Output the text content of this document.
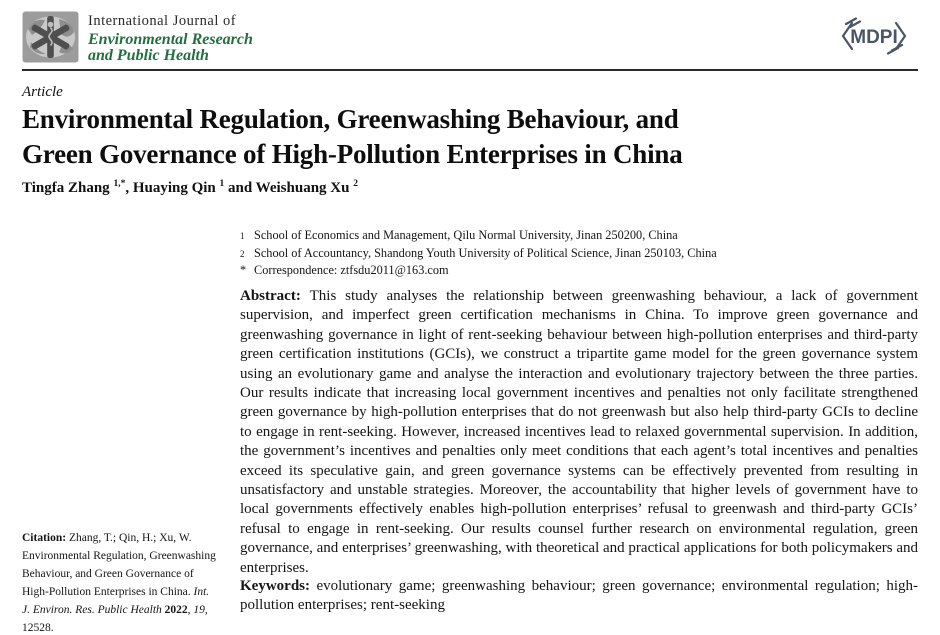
International Journal of
Environmental Research
and Public Health
MDPI
Article
Environmental Regulation, Greenwashing Behaviour, and
Green Governance of High-Pollution Enterprises in China
Tingfa Zhang $^{1,*}$, Huaying Qin $^1$ and Weishuang Xu $^2$
1 School of Economics and Management, Qilu Normal University, Jinan 250200, China
2 School of Accountancy, Shandong Youth University of Political Science, Jinan 250103, China
* Correspondence: ztfsdu2011@163.com
Abstract: This study analyses the relationship between greenwashing behaviour, a lack of government supervision, and imperfect green certification mechanisms in China. To improve green governance and greenwashing governance in light of rent-seeking behaviour between high-pollution enterprises and third-party green certification institutions (GCIs), we construct a tripartite game model for the green governance system using an evolutionary game and analyse the interaction and evolutionary trajectory between the three parties. Our results indicate that increasing local government incentives and penalties not only facilitate strengthened green governance by high-pollution enterprises that do not greenwash but also help third-party GCIs to decline to engage in rent-seeking. However, increased incentives lead to relaxed governmental supervision. In addition, the government’s incentives and penalties only meet conditions that each agent’s total incentives and penalties exceed its speculative gain, and green governance systems can be effectively prevented from resulting in unsatisfactory and unstable strategies. Moreover, the accountability that higher levels of government have to local governments effectively enables high-pollution enterprises’ refusal to greenwash and third-party GCIs’ refusal to engage in rent-seeking. Our results counsel further research on environmental regulation, green governance, and enterprises’ greenwashing, with theoretical and practical applications for both policymakers and enterprises.
Keywords: evolutionary game; greenwashing behaviour; green governance; environmental regulation; high-pollution enterprises; rent-seeking
Citation: Zhang, T.; Qin, H.; Xu, W. Environmental Regulation, Greenwashing Behaviour, and Green Governance of High-Pollution Enterprises in China. Int. J. Environ. Res. Public Health 2022, 19, 12528.
